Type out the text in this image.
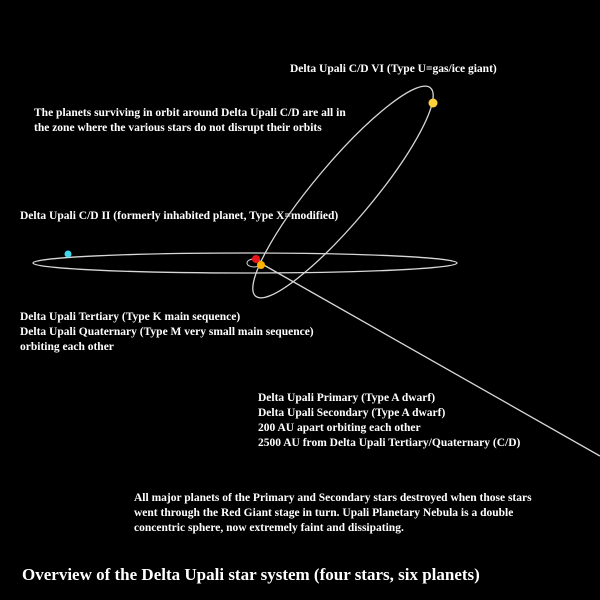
Delta Upali C/D VI (Type U=gas/ice giant)

The planets surviving in orbit around Delta Upali C/D are all in

the zone where the various stars do not disrupt their orbits

Delta Upali C/D II (formerly inhabited planet, Type X=modified)

Delta Upali Tertiary (Type K main sequence)

Delta Upali Quaternary (Type M very small main sequence)

orbiting each other

Delta Upali Primary (Type A dwarf)

Delta Upali Secondary (Type A dwarf)

200 AU apart orbiting each other

2500 AU from Delta Upali Tertiary/Quaternary (C/D)

All major planets of the Primary and Secondary stars destroyed when those stars

went through the Red Giant stage in turn. Upali Planetary Nebula is a double

concentric sphere, now extremely faint and dissipating.

Overview of the Delta Upali star system (four stars, six planets)
